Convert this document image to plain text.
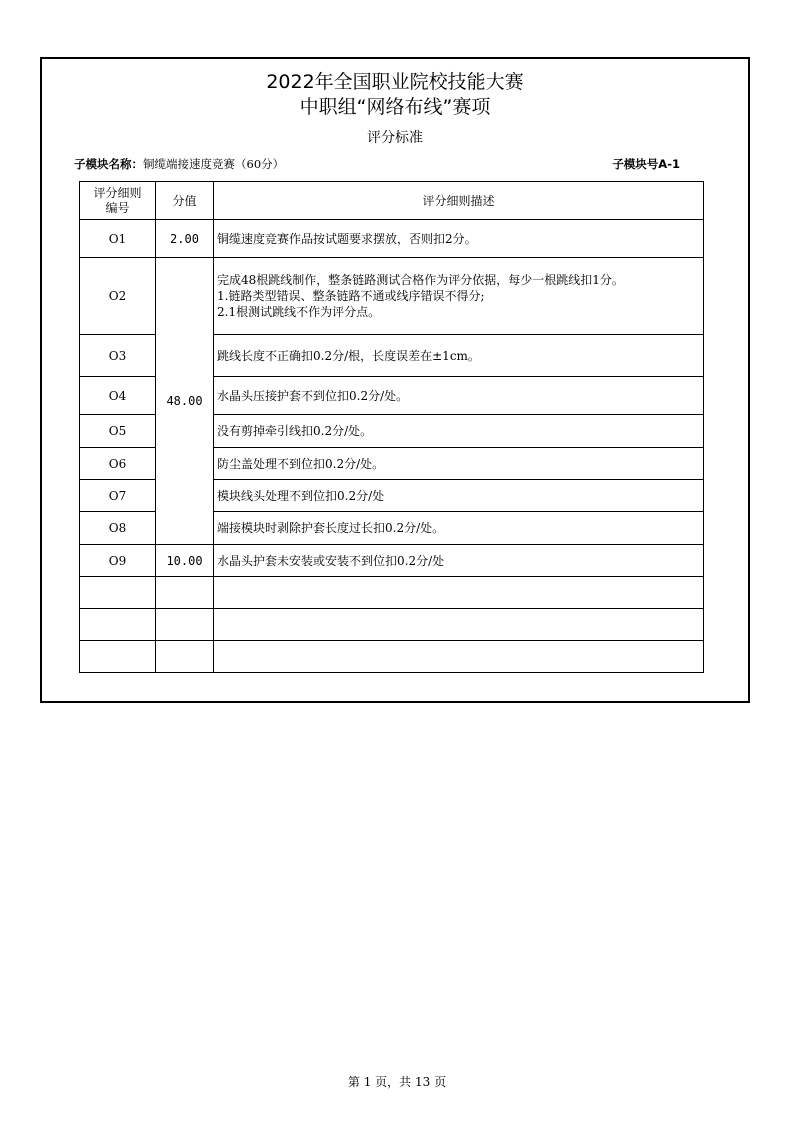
2022年全国职业院校技能大赛
中职组“网络布线”赛项
评分标准
子模块名称：铜缆端接速度竞赛（60分）	子模块号A-1
评分细则编号	分值	评分细则描述
O1	2.00	铜缆速度竞赛作品按试题要求摆放，否则扣2分。

O2	48.00	完成48根跳线制作，整条链路测试合格作为评分依据，每少一根跳线扣1分。
1.链路类型错误、整条链路不通或线序错误不得分;
2.1根测试跳线不作为评分点。

O3		跳线长度不正确扣0.2分/根，长度误差在±1cm。

O4		水晶头压接护套不到位扣0.2分/处。

O5		没有剪掉牵引线扣0.2分/处。

O6		防尘盖处理不到位扣0.2分/处。

O7		模块线头处理不到位扣0.2分/处

O8		端接模块时剥除护套长度过长扣0.2分/处。

O9	10.00	水晶头护套未安装或安装不到位扣0.2分/处

第 1 页，共 13 页
